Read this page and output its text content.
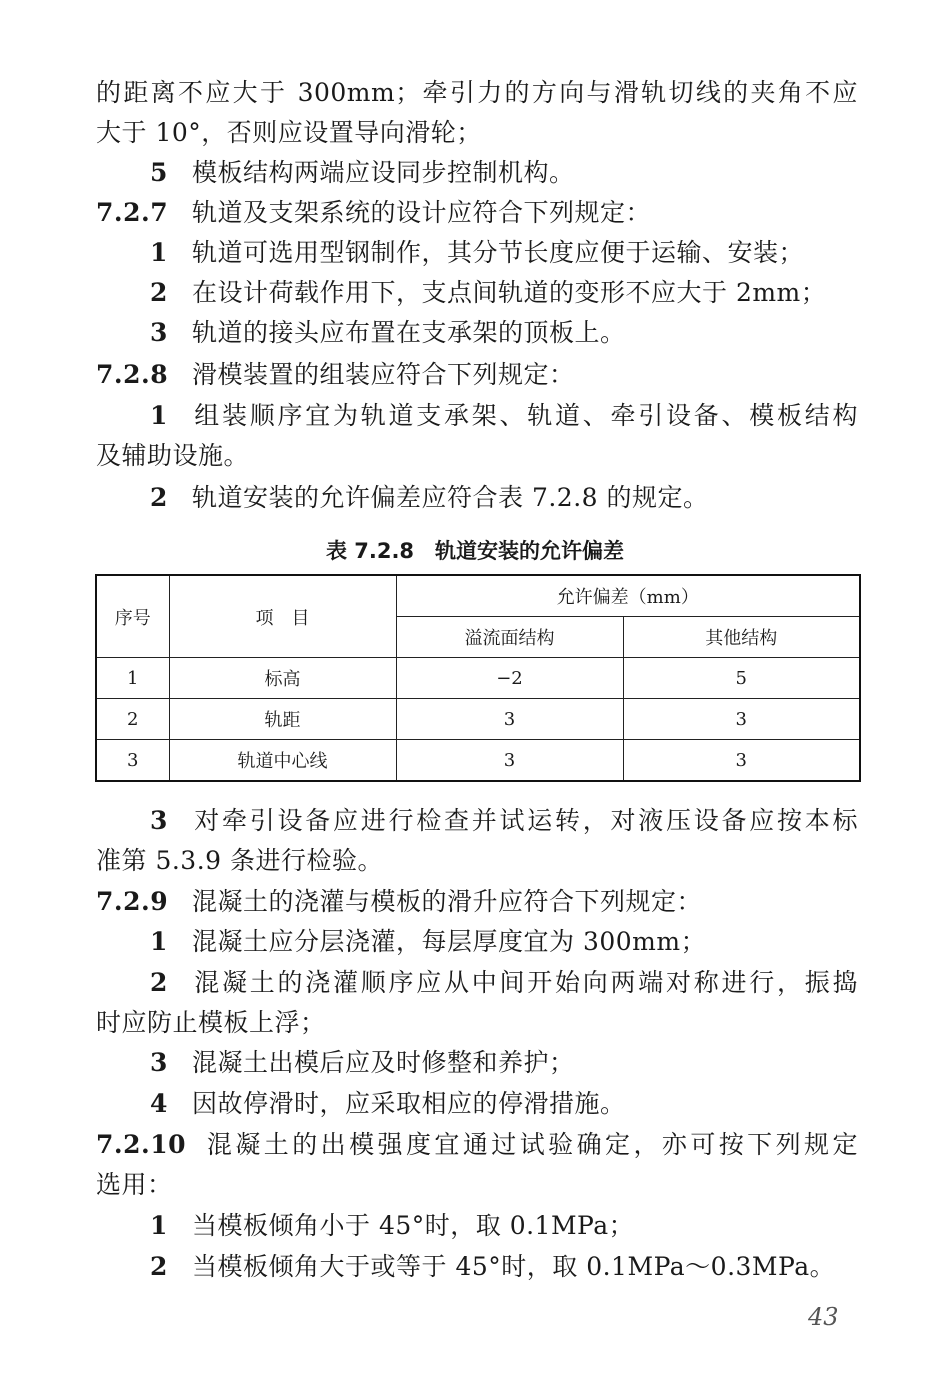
的距离不应大于 300mm；牵引力的方向与滑轨切线的夹角不应
大于 10°，否则应设置导向滑轮；
5 模板结构两端应设同步控制机构。
7.2.7 轨道及支架系统的设计应符合下列规定：
1 轨道可选用型钢制作，其分节长度应便于运输、安装；
2 在设计荷载作用下，支点间轨道的变形不应大于 2mm；
3 轨道的接头应布置在支承架的顶板上。
7.2.8 滑模装置的组装应符合下列规定：
1 组装顺序宜为轨道支承架、轨道、牵引设备、模板结构
及辅助设施。
2 轨道安装的允许偏差应符合表 7.2.8 的规定。
表 7.2.8　轨道安装的允许偏差
序号	项　目	允许偏差（mm）	
		溢流面结构	其他结构
1	标高	−2	5
2	轨距	3	3
3	轨道中心线	3	3
3 对牵引设备应进行检查并试运转，对液压设备应按本标
准第 5.3.9 条进行检验。
7.2.9 混凝土的浇灌与模板的滑升应符合下列规定：
1 混凝土应分层浇灌，每层厚度宜为 300mm；
2 混凝土的浇灌顺序应从中间开始向两端对称进行，振捣
时应防止模板上浮；
3 混凝土出模后应及时修整和养护；
4 因故停滑时，应采取相应的停滑措施。
7.2.10 混凝土的出模强度宜通过试验确定，亦可按下列规定
选用：
1 当模板倾角小于 45°时，取 0.1MPa；
2 当模板倾角大于或等于 45°时，取 0.1MPa～0.3MPa。
43
